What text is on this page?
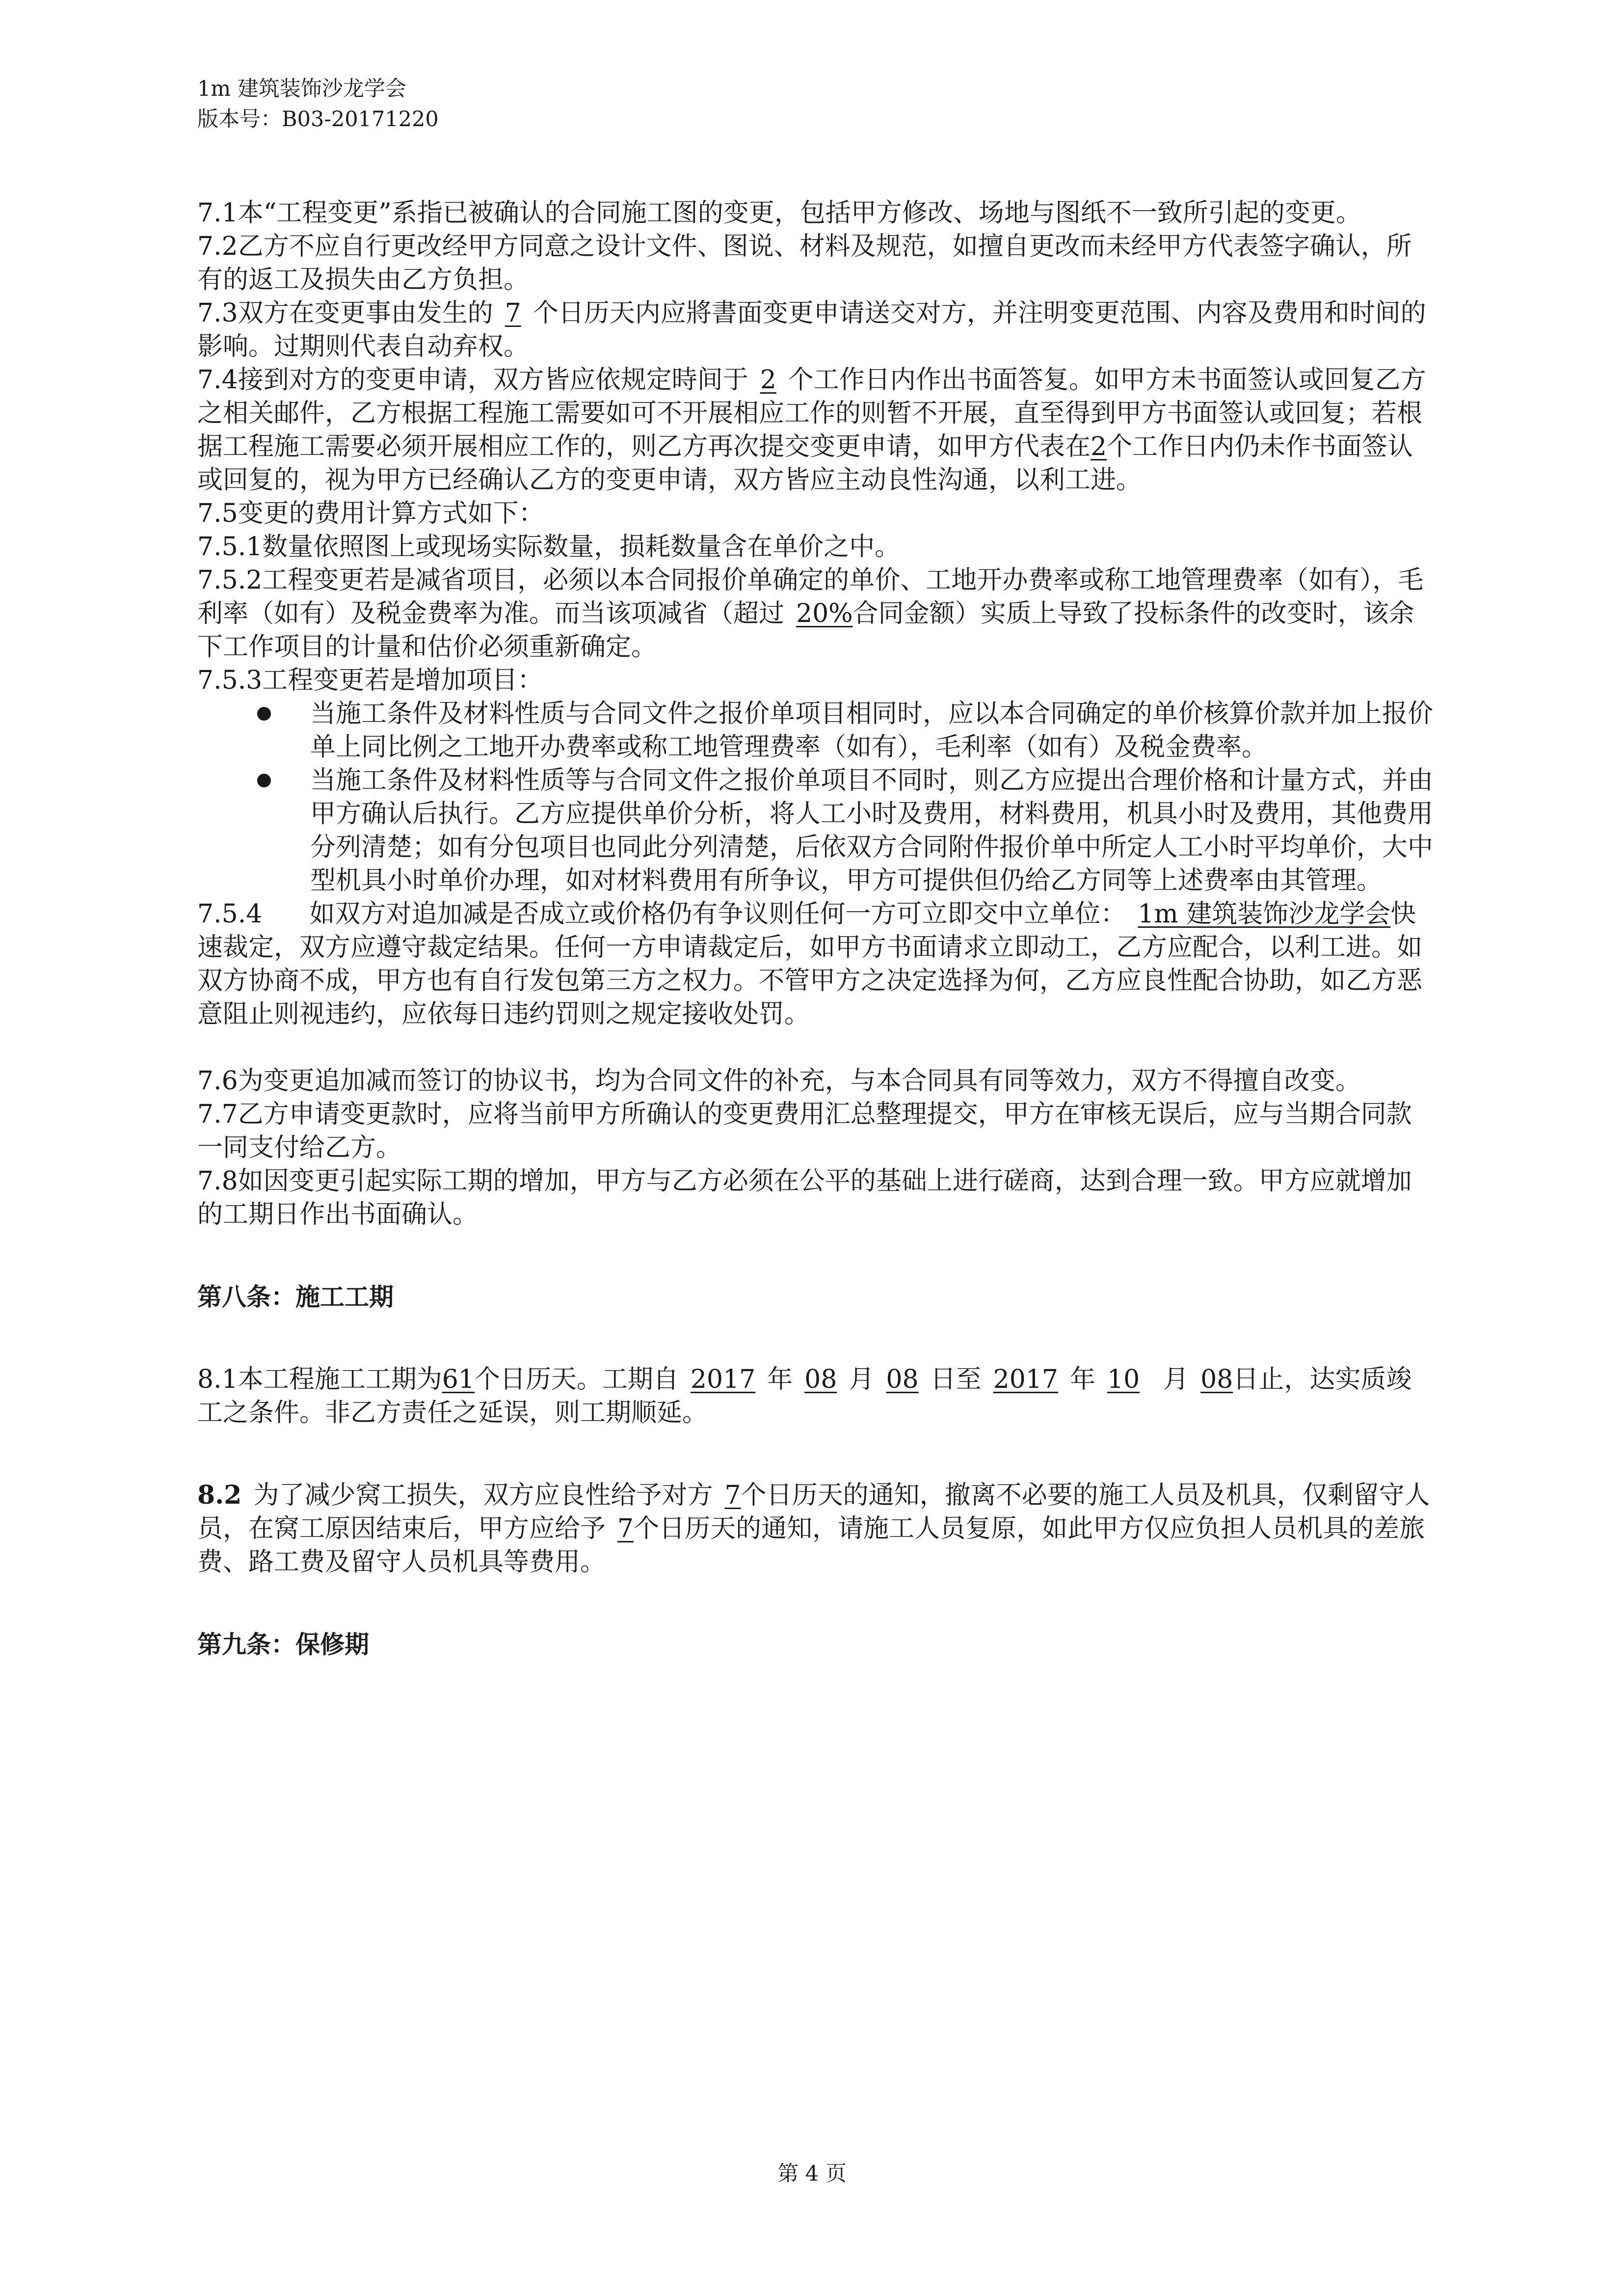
1m 建筑装饰沙龙学会
版本号：B03-20171220

7.1本“工程变更”系指已被确认的合同施工图的变更，包括甲方修改、场地与图纸不一致所引起的变更。

7.2乙方不应自行更改经甲方同意之设计文件、图说、材料及规范，如擅自更改而未经甲方代表签字确认，所有的返工及损失由乙方负担。

7.3双方在变更事由发生的 7 个日历天内应將書面变更申请送交对方，并注明变更范围、内容及费用和时间的影响。过期则代表自动弃权。

7.4接到对方的变更申请，双方皆应依规定時间于 2 个工作日内作出书面答复。如甲方未书面签认或回复乙方之相关邮件，乙方根据工程施工需要如可不开展相应工作的则暂不开展，直至得到甲方书面签认或回复；若根据工程施工需要必须开展相应工作的，则乙方再次提交变更申请，如甲方代表在2个工作日内仍未作书面签认或回复的，视为甲方已经确认乙方的变更申请，双方皆应主动良性沟通，以利工进。

7.5变更的费用计算方式如下：

7.5.1数量依照图上或现场实际数量，损耗数量含在单价之中。

7.5.2工程变更若是减省项目，必须以本合同报价单确定的单价、工地开办费率或称工地管理费率（如有），毛利率（如有）及税金费率为准。而当该项减省（超过 20%合同金额）实质上导致了投标条件的改变时，该余下工作项目的计量和估价必须重新确定。

7.5.3工程变更若是增加项目：

当施工条件及材料性质与合同文件之报价单项目相同时，应以本合同确定的单价核算价款并加上报价单上同比例之工地开办费率或称工地管理费率（如有），毛利率（如有）及税金费率。
当施工条件及材料性质等与合同文件之报价单项目不同时，则乙方应提出合理价格和计量方式，并由甲方确认后执行。乙方应提供单价分析，将人工小时及费用，材料费用，机具小时及费用，其他费用分列清楚；如有分包项目也同此分列清楚，后依双方合同附件报价单中所定人工小时平均单价，大中型机具小时单价办理，如对材料费用有所争议，甲方可提供但仍给乙方同等上述费率由其管理。

7.5.4 如双方对追加减是否成立或价格仍有争议则任何一方可立即交中立单位： 1m 建筑装饰沙龙学会快速裁定，双方应遵守裁定结果。任何一方申请裁定后，如甲方书面请求立即动工，乙方应配合，以利工进。如双方协商不成，甲方也有自行发包第三方之权力。不管甲方之决定选择为何，乙方应良性配合协助，如乙方恶意阻止则视违约，应依每日违约罚则之规定接收处罚。

7.6为变更追加减而签订的协议书，均为合同文件的补充，与本合同具有同等效力，双方不得擅自改变。

7.7乙方申请变更款时，应将当前甲方所确认的变更费用汇总整理提交，甲方在审核无误后，应与当期合同款一同支付给乙方。

7.8如因变更引起实际工期的增加，甲方与乙方必须在公平的基础上进行磋商，达到合理一致。甲方应就增加的工期日作出书面确认。

第八条：施工工期

8.1本工程施工工期为61个日历天。工期自 2017 年 08 月 08 日至 2017 年 10 月 08日止，达实质竣工之条件。非乙方责任之延误，则工期顺延。

8.2 为了减少窝工损失，双方应良性给予对方 7个日历天的通知，撤离不必要的施工人员及机具，仅剩留守人员，在窝工原因结束后，甲方应给予 7个日历天的通知，请施工人员复原，如此甲方仅应负担人员机具的差旅费、路工费及留守人员机具等费用。

第九条：保修期

第 4 页
